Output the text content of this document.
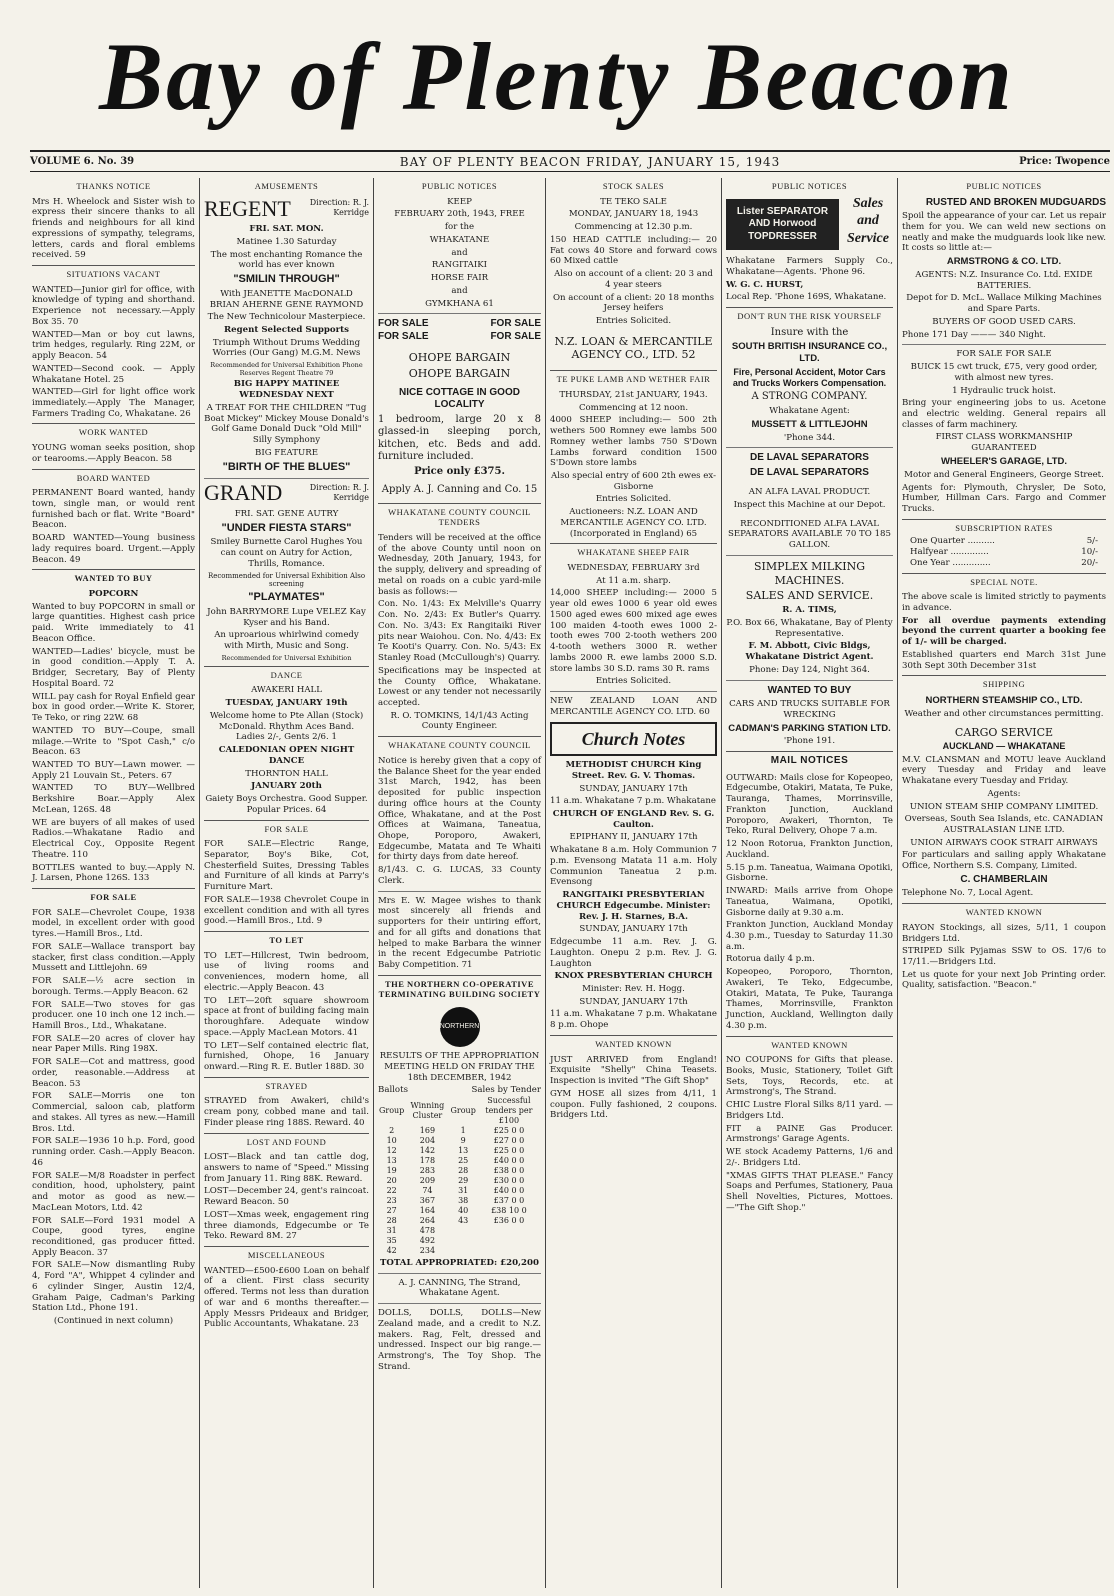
Bay of Plenty Beacon
VOLUME 6. No. 39	BAY OF PLENTY BEACON FRIDAY, JANUARY 15, 1943	Price: Twopence
THANKS NOTICE

Mrs H. Wheelock and Sister wish to express their sincere thanks to all friends and neighbours for all kind expressions of sympathy, telegrams, letters, cards and floral emblems received. 59

SITUATIONS VACANT

WANTED—Junior girl for office, with knowledge of typing and shorthand. Experience not necessary.—Apply Box 35. 70

WANTED—Man or boy cut lawns, trim hedges, regularly. Ring 22M, or apply Beacon. 54

WANTED—Second cook. — Apply Whakatane Hotel. 25

WANTED—Girl for light office work immediately.—Apply The Manager, Farmers Trading Co, Whakatane. 26

WORK WANTED

YOUNG woman seeks position, shop or tearooms.—Apply Beacon. 58

BOARD WANTED

PERMANENT Board wanted, handy town, single man, or would rent furnished bach or flat. Write "Board" Beacon.

BOARD WANTED—Young business lady requires board. Urgent.—Apply Beacon. 49

WANTED TO BUY

POPCORN

Wanted to buy POPCORN in small or large quantities. Highest cash price paid. Write immediately to 41 Beacon Office.

WANTED—Ladies' bicycle, must be in good condition.—Apply T. A. Bridger, Secretary, Bay of Plenty Hospital Board. 72

WILL pay cash for Royal Enfield gear box in good order.—Write K. Storer, Te Teko, or ring 22W. 68

WANTED TO BUY—Coupe, small milage.—Write to "Spot Cash," c/o Beacon. 63

WANTED TO BUY—Lawn mower. —Apply 21 Louvain St., Peters. 67

WANTED TO BUY—Wellbred Berkshire Boar.—Apply Alex McLean, 126S. 48

WE are buyers of all makes of used Radios.—Whakatane Radio and Electrical Coy., Opposite Regent Theatre. 110

BOTTLES wanted to buy.—Apply N. J. Larsen, Phone 126S. 133

FOR SALE

FOR SALE—Chevrolet Coupe, 1938 model, in excellent order with good tyres.—Hamill Bros., Ltd.

FOR SALE—Wallace transport bay stacker, first class condition.—Apply Mussett and Littlejohn. 69

FOR SALE—½ acre section in borough. Terms.—Apply Beacon. 62

FOR SALE—Two stoves for gas producer. one 10 inch one 12 inch.—Hamill Bros., Ltd., Whakatane.

FOR SALE—20 acres of clover hay near Paper Mills. Ring 198X.

FOR SALE—Cot and mattress, good order, reasonable.—Address at Beacon. 53

FOR SALE—Morris one ton Commercial, saloon cab, platform and stakes. All tyres as new.—Hamill Bros. Ltd.

FOR SALE—1936 10 h.p. Ford, good running order. Cash.—Apply Beacon. 46

FOR SALE—M/8 Roadster in perfect condition, hood, upholstery, paint and motor as good as new.—MacLean Motors, Ltd. 42

FOR SALE—Ford 1931 model A Coupe, good tyres, engine reconditioned, gas producer fitted. Apply Beacon. 37

FOR SALE—Now dismantling Ruby 4, Ford "A", Whippet 4 cylinder and 6 cylinder Singer, Austin 12/4, Graham Paige, Cadman's Parking Station Ltd., Phone 191.

(Continued in next column)

AMUSEMENTS
REGENT	Direction: R. J. Kerridge

FRI. SAT. MON.

Matinee 1.30 Saturday

The most enchanting Romance the world has ever known

"SMILIN THROUGH"

With JEANETTE MacDONALD BRIAN AHERNE GENE RAYMOND

The New Technicolour Masterpiece.

Regent Selected Supports

Triumph Without Drums Wedding Worries (Our Gang) M.G.M. News

Recommended for Universal Exhibition Phone Reserves Regent Theatre 79

BIG HAPPY MATINEE WEDNESDAY NEXT

A TREAT FOR THE CHILDREN "Tug Boat Mickey" Mickey Mouse Donald's Golf Game Donald Duck "Old Mill" Silly Symphony

BIG FEATURE

"BIRTH OF THE BLUES"

GRAND	Direction: R. J. Kerridge

FRI. SAT. GENE AUTRY

"UNDER FIESTA STARS"

Smiley Burnette Carol Hughes You can count on Autry for Action, Thrills, Romance.

Recommended for Universal Exhibition Also screening

"PLAYMATES"

John BARRYMORE Lupe VELEZ Kay Kyser and his Band.

An uproarious whirlwind comedy with Mirth, Music and Song.

Recommended for Universal Exhibition

DANCE

AWAKERI HALL

TUESDAY, JANUARY 19th

Welcome home to Pte Allan (Stock) McDonald. Rhythm Aces Band. Ladies 2/-, Gents 2/6. 1

CALEDONIAN OPEN NIGHT DANCE

THORNTON HALL

JANUARY 20th

Gaiety Boys Orchestra. Good Supper. Popular Prices. 64

FOR SALE

FOR SALE—Electric Range, Separator, Boy's Bike, Cot, Chesterfield Suites, Dressing Tables and Furniture of all kinds at Parry's Furniture Mart.

FOR SALE—1938 Chevrolet Coupe in excellent condition and with all tyres good.—Hamill Bros., Ltd. 9

TO LET

TO LET—Hillcrest, Twin bedroom, use of living rooms and conveniences, modern home, all electric.—Apply Beacon. 43

TO LET—20ft square showroom space at front of building facing main thoroughfare. Adequate window space.—Apply MacLean Motors. 41

TO LET—Self contained electric flat, furnished, Ohope, 16 January onward.—Ring R. E. Butler 188D. 30

STRAYED

STRAYED from Awakeri, child's cream pony, cobbed mane and tail. Finder please ring 188S. Reward. 40

LOST AND FOUND

LOST—Black and tan cattle dog, answers to name of "Speed." Missing from January 11. Ring 88K. Reward.

LOST—December 24, gent's raincoat. Reward Beacon. 50

LOST—Xmas week, engagement ring three diamonds, Edgecumbe or Te Teko. Reward 8M. 27

MISCELLANEOUS

WANTED—£500-£600 Loan on behalf of a client. First class security offered. Terms not less than duration of war and 6 months thereafter.—Apply Messrs Prideaux and Bridger, Public Accountants, Whakatane. 23

PUBLIC NOTICES

KEEP

FEBRUARY 20th, 1943, FREE

for the

WHAKATANE

and

RANGITAIKI

HORSE FAIR

and

GYMKHANA 61

FOR SALE	FOR SALE
FOR SALE	FOR SALE

OHOPE BARGAIN

OHOPE BARGAIN

NICE COTTAGE IN GOOD LOCALITY

1 bedroom, large 20 x 8 glassed-in sleeping porch, kitchen, etc. Beds and add. furniture included.

Price only £375.

Apply A. J. Canning and Co. 15

WHAKATANE COUNTY COUNCIL TENDERS

Tenders will be received at the office of the above County until noon on Wednesday, 20th January, 1943, for the supply, delivery and spreading of metal on roads on a cubic yard-mile basis as follows:—

Con. No. 1/43: Ex Melville's Quarry Con. No. 2/43: Ex Butler's Quarry. Con. No. 3/43: Ex Rangitaiki River pits near Waiohou. Con. No. 4/43: Ex Te Kooti's Quarry. Con. No. 5/43: Ex Stanley Road (McCullough's) Quarry.

Specifications may be inspected at the County Office, Whakatane. Lowest or any tender not necessarily accepted.

R. O. TOMKINS, 14/1/43 Acting County Engineer.

WHAKATANE COUNTY COUNCIL

Notice is hereby given that a copy of the Balance Sheet for the year ended 31st March, 1942, has been deposited for public inspection during office hours at the County Office, Whakatane, and at the Post Offices at Waimana, Taneatua, Ohope, Poroporo, Awakeri, Edgecumbe, Matata and Te Whaiti for thirty days from date hereof.

8/1/43. C. G. LUCAS, 33 County Clerk.

Mrs E. W. Magee wishes to thank most sincerely all friends and supporters for their untiring effort, and for all gifts and donations that helped to make Barbara the winner in the recent Edgecumbe Patriotic Baby Competition. 71

THE NORTHERN CO-OPERATIVE TERMINATING BUILDING SOCIETY
NORTHERN

RESULTS OF THE APPROPRIATION MEETING HELD ON FRIDAY THE 18th DECEMBER, 1942

Ballots	Sales by Tender
Group	Winning Cluster	Group	Successful tenders per £100
2	169	1	£25 0 0
10	204	9	£27 0 0
12	142	13	£25 0 0
13	178	25	£40 0 0
19	283	28	£38 0 0
20	209	29	£30 0 0
22	74	31	£40 0 0
23	367	38	£37 0 0
27	164	40	£38 10 0
28	264	43	£36 0 0
31	478		
35	492		
42	234		

TOTAL APPROPRIATED: £20,200

A. J. CANNING, The Strand, Whakatane Agent.

DOLLS, DOLLS, DOLLS—New Zealand made, and a credit to N.Z. makers. Rag, Felt, dressed and undressed. Inspect our big range.—Armstrong's, The Toy Shop. The Strand.

STOCK SALES

TE TEKO SALE

MONDAY, JANUARY 18, 1943

Commencing at 12.30 p.m.

150 HEAD CATTLE including:— 20 Fat cows 40 Store and forward cows 60 Mixed cattle

Also on account of a client: 20 3 and 4 year steers

On account of a client: 20 18 months Jersey heifers

Entries Solicited.

N.Z. LOAN & MERCANTILE AGENCY CO., LTD. 52

TE PUKE LAMB AND WETHER FAIR

THURSDAY, 21st JANUARY, 1943.

Commencing at 12 noon.

4000 SHEEP including:— 500 2th wethers 500 Romney ewe lambs 500 Romney wether lambs 750 S'Down Lambs forward condition 1500 S'Down store lambs

Also special entry of 600 2th ewes ex-Gisborne

Entries Solicited.

Auctioneers: N.Z. LOAN AND MERCANTILE AGENCY CO. LTD. (Incorporated in England) 65

WHAKATANE SHEEP FAIR

WEDNESDAY, FEBRUARY 3rd

At 11 a.m. sharp.

14,000 SHEEP including:— 2000 5 year old ewes 1000 6 year old ewes 1500 aged ewes 600 mixed age ewes 100 maiden 4-tooth ewes 1000 2-tooth ewes 700 2-tooth wethers 200 4-tooth wethers 3000 R. wether lambs 2000 R. ewe lambs 2000 S.D. store lambs 30 S.D. rams 30 R. rams

Entries Solicited.

NEW ZEALAND LOAN AND MERCANTILE AGENCY CO. LTD. 60

Church Notes

METHODIST CHURCH King Street. Rev. G. V. Thomas.

SUNDAY, JANUARY 17th

11 a.m. Whakatane 7 p.m. Whakatane

CHURCH OF ENGLAND Rev. S. G. Caulton.

EPIPHANY II, JANUARY 17th

Whakatane 8 a.m. Holy Communion 7 p.m. Evensong Matata 11 a.m. Holy Communion Taneatua 2 p.m. Evensong

RANGITAIKI PRESBYTERIAN CHURCH Edgecumbe. Minister: Rev. J. H. Starnes, B.A.

SUNDAY, JANUARY 17th

Edgecumbe 11 a.m. Rev. J. G. Laughton. Onepu 2 p.m. Rev. J. G. Laughton

KNOX PRESBYTERIAN CHURCH

Minister: Rev. H. Hogg.

SUNDAY, JANUARY 17th

11 a.m. Whakatane 7 p.m. Whakatane 8 p.m. Ohope

WANTED KNOWN

JUST ARRIVED from England! Exquisite "Shelly" China Teasets. Inspection is invited "The Gift Shop"

GYM HOSE all sizes from 4/11, 1 coupon. Fully fashioned, 2 coupons. Bridgers Ltd.

PUBLIC NOTICES
Lister SEPARATOR AND Horwood TOPDRESSER
Sales and Service

Whakatane Farmers Supply Co., Whakatane—Agents. 'Phone 96.

W. G. C. HURST,

Local Rep. 'Phone 169S, Whakatane.

DON'T RUN THE RISK YOURSELF

Insure with the

SOUTH BRITISH INSURANCE CO., LTD.

Fire, Personal Accident, Motor Cars and Trucks Workers Compensation.

A STRONG COMPANY.

Whakatane Agent:

MUSSETT & LITTLEJOHN

'Phone 344.

DE LAVAL SEPARATORS

DE LAVAL SEPARATORS

AN ALFA LAVAL PRODUCT.

Inspect this Machine at our Depot.

RECONDITIONED ALFA LAVAL SEPARATORS AVAILABLE 70 TO 185 GALLON.

SIMPLEX MILKING MACHINES.

SALES AND SERVICE.

R. A. TIMS,

P.O. Box 66, Whakatane, Bay of Plenty Representative.

F. M. Abbott, Civic Bldgs, Whakatane District Agent.

Phone: Day 124, Night 364.

WANTED TO BUY

CARS AND TRUCKS SUITABLE FOR WRECKING

CADMAN'S PARKING STATION LTD.

'Phone 191.

MAIL NOTICES

OUTWARD: Mails close for Kopeopeo, Edgecumbe, Otakiri, Matata, Te Puke, Tauranga, Thames, Morrinsville, Frankton Junction, Auckland Poroporo, Awakeri, Thornton, Te Teko, Rural Delivery, Ohope 7 a.m.

12 Noon Rotorua, Frankton Junction, Auckland.

5.15 p.m. Taneatua, Waimana Opotiki, Gisborne.

INWARD: Mails arrive from Ohope Taneatua, Waimana, Opotiki, Gisborne daily at 9.30 a.m.

Frankton Junction, Auckland Monday 4.30 p.m., Tuesday to Saturday 11.30 a.m.

Rotorua daily 4 p.m.

Kopeopeo, Poroporo, Thornton, Awakeri, Te Teko, Edgecumbe, Otakiri, Matata, Te Puke, Tauranga Thames, Morrinsville, Frankton Junction, Auckland, Wellington daily 4.30 p.m.

WANTED KNOWN

NO COUPONS for Gifts that please. Books, Music, Stationery, Toilet Gift Sets, Toys, Records, etc. at Armstrong's, The Strand.

CHIC Lustre Floral Silks 8/11 yard. —Bridgers Ltd.

FIT a PAINE Gas Producer. Armstrongs' Garage Agents.

WE stock Academy Patterns, 1/6 and 2/-. Bridgers Ltd.

"XMAS GIFTS THAT PLEASE." Fancy Soaps and Perfumes, Stationery, Paua Shell Novelties, Pictures, Mottoes.—"The Gift Shop."

PUBLIC NOTICES

RUSTED AND BROKEN MUDGUARDS

Spoil the appearance of your car. Let us repair them for you. We can weld new sections on neatly and make the mudguards look like new. It costs so little at:—

ARMSTRONG & CO. LTD.

AGENTS: N.Z. Insurance Co. Ltd. EXIDE BATTERIES.

Depot for D. McL. Wallace Milking Machines and Spare Parts.

BUYERS OF GOOD USED CARS.

Phone 171 Day ——— 340 Night.

FOR SALE FOR SALE

BUICK 15 cwt truck, £75, very good order, with almost new tyres.

1 Hydraulic truck hoist.

Bring your engineering jobs to us. Acetone and electric welding. General repairs all classes of farm machinery.

FIRST CLASS WORKMANSHIP GUARANTEED

WHEELER'S GARAGE, LTD.

Motor and General Engineers, George Street.

Agents for: Plymouth, Chrysler, De Soto, Humber, Hillman Cars. Fargo and Commer Trucks.

SUBSCRIPTION RATES
One Quarter ..........	5/-
Halfyear ..............	10/-
One Year ..............	20/-
SPECIAL NOTE.

The above scale is limited strictly to payments in advance.

For all overdue payments extending beyond the current quarter a booking fee of 1/- will be charged.

Established quarters end March 31st June 30th Sept 30th December 31st

SHIPPING

NORTHERN STEAMSHIP CO., LTD.

Weather and other circumstances permitting.

CARGO SERVICE

AUCKLAND — WHAKATANE

M.V. CLANSMAN and MOTU leave Auckland every Tuesday and Friday and leave Whakatane every Tuesday and Friday.

Agents:

UNION STEAM SHIP COMPANY LIMITED.

Overseas, South Sea Islands, etc. CANADIAN AUSTRALASIAN LINE LTD.

UNION AIRWAYS COOK STRAIT AIRWAYS

For particulars and sailing apply Whakatane Office, Northern S.S. Company, Limited.

C. CHAMBERLAIN

Telephone No. 7, Local Agent.

WANTED KNOWN

RAYON Stockings, all sizes, 5/11, 1 coupon Bridgers Ltd.

STRIPED Silk Pyjamas SSW to OS. 17/6 to 17/11.—Bridgers Ltd.

Let us quote for your next Job Printing order. Quality, satisfaction. "Beacon."
